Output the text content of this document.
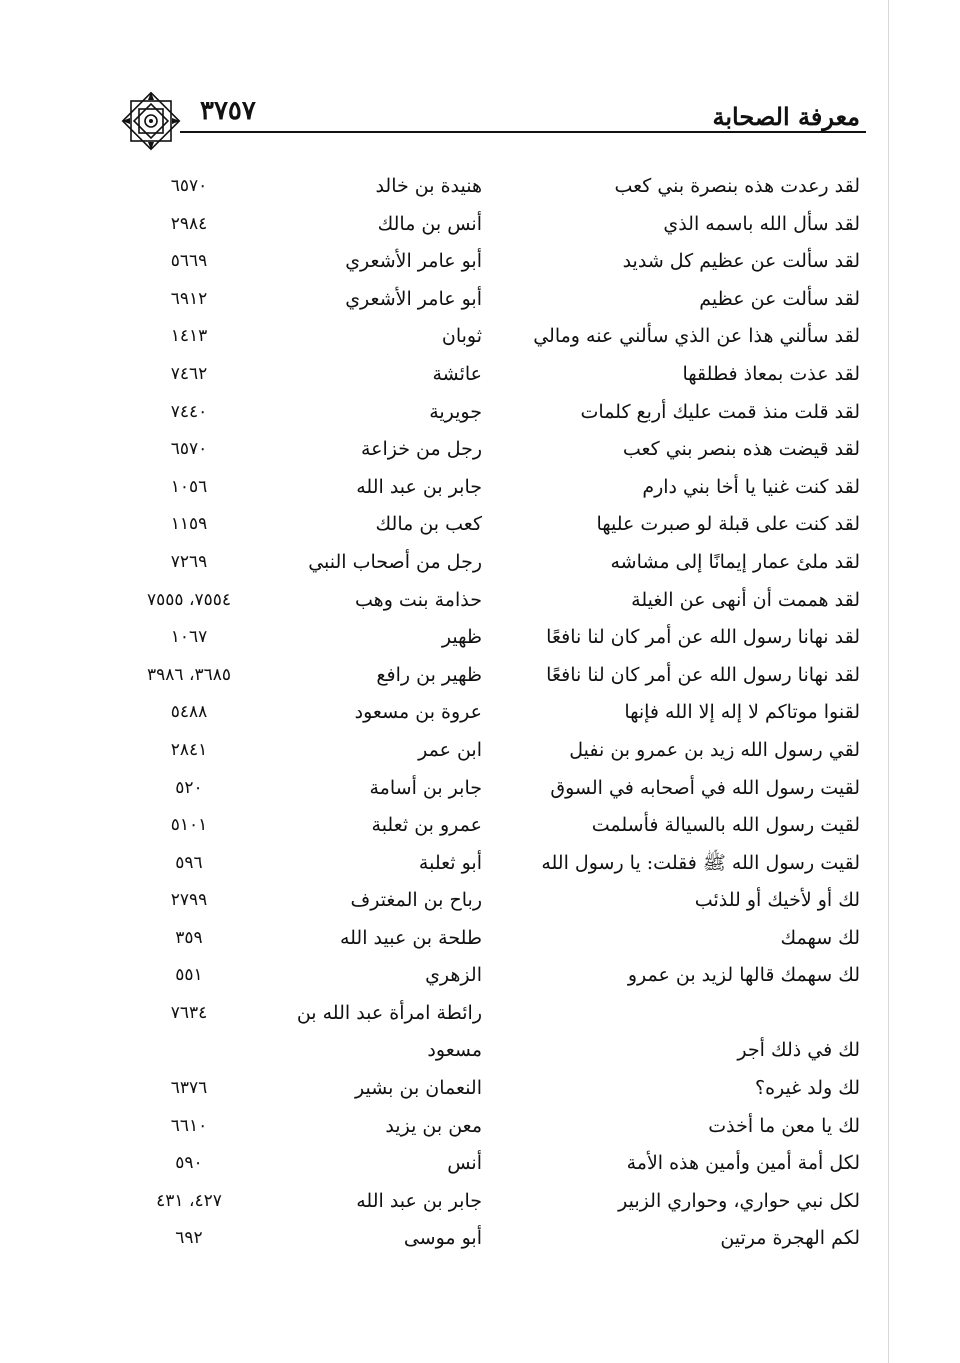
٣٧٥٧	معرفة الصحابة
لقد رعدت هذه بنصرة بني كعب
هنيدة بن خالد
٦٥٧٠
لقد سأل الله باسمه الذي
أنس بن مالك
٢٩٨٤
لقد سألت عن عظيم كل شديد
أبو عامر الأشعري
٥٦٦٩
لقد سألت عن عظيم
أبو عامر الأشعري
٦٩١٢
لقد سألني هذا عن الذي سألني عنه ومالي
ثوبان
١٤١٣
لقد عذت بمعاذ فطلقها
عائشة
٧٤٦٢
لقد قلت منذ قمت عليك أربع كلمات
جويرية
٧٤٤٠
لقد قيضت هذه بنصر بني كعب
رجل من خزاعة
٦٥٧٠
لقد كنت غنيا يا أخا بني دارم
جابر بن عبد الله
١٠٥٦
لقد كنت على قبلة لو صبرت عليها
كعب بن مالك
١١٥٩
لقد ملئ عمار إيمانًا إلى مشاشه
رجل من أصحاب النبي
٧٢٦٩
لقد هممت أن أنهى عن الغيلة
حذامة بنت وهب
٧٥٥٤، ٧٥٥٥
لقد نهانا رسول الله عن أمر كان لنا نافعًا
ظهير
١٠٦٧
لقد نهانا رسول الله عن أمر كان لنا نافعًا
ظهير بن رافع
٣٦٨٥، ٣٩٨٦
لقنوا موتاكم لا إله إلا الله فإنها
عروة بن مسعود
٥٤٨٨
لقي رسول الله زيد بن عمرو بن نفيل
ابن عمر
٢٨٤١
لقيت رسول الله في أصحابه في السوق
جابر بن أسامة
٥٢٠
لقيت رسول الله بالسيالة فأسلمت
عمرو بن ثعلبة
٥١٠١
لقيت رسول الله ﷺ فقلت: يا رسول الله
أبو ثعلبة
٥٩٦
لك أو لأخيك أو للذئب
رباح بن المغترف
٢٧٩٩
لك سهمك
طلحة بن عبيد الله
٣٥٩
لك سهمك قالها لزيد بن عمرو
الزهري
٥٥١
لك في ذلك أجر
رائطة امرأة عبد الله بن
مسعود
٧٦٣٤
لك ولد غيره؟
النعمان بن بشير
٦٣٧٦
لك يا معن ما أخذت
معن بن يزيد
٦٦١٠
لكل أمة أمين وأمين هذه الأمة
أنس
٥٩٠
لكل نبي حواري، وحواري الزبير
جابر بن عبد الله
٤٢٧، ٤٣١
لكم الهجرة مرتين
أبو موسى
٦٩٢
